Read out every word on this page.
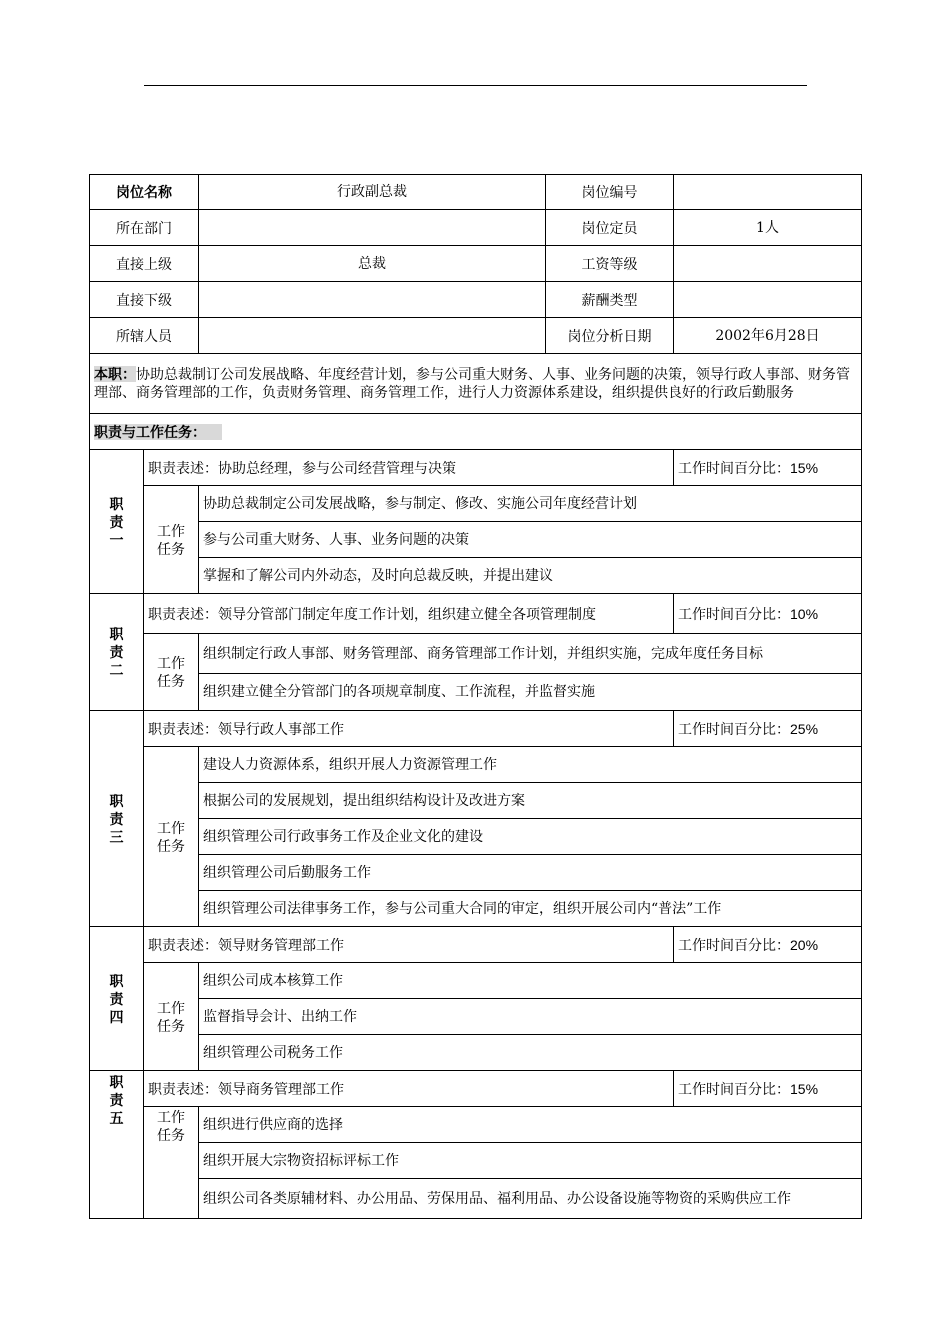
岗位名称		行政副总裁	岗位编号	
所在部门			岗位定员	1人
直接上级		总裁	工资等级	
直接下级			薪酬类型	
所辖人员			岗位分析日期	2002年6月28日
本职：协助总裁制订公司发展战略、年度经营计划，参与公司重大财务、人事、业务问题的决策，领导行政人事部、财务管理部、商务管理部的工作，负责财务管理、商务管理工作，进行人力资源体系建设，组织提供良好的行政后勤服务				
职责与工作任务：				

职
责
一	职责表述：协助总经理，参与公司经营管理与决策			工作时间百分比：15%

	工作
任务	协助总裁制定公司发展战略，参与制定、修改、实施公司年度经营计划		
		参与公司重大财务、人事、业务问题的决策		
		掌握和了解公司内外动态，及时向总裁反映，并提出建议		

职
责
二	职责表述：领导分管部门制定年度工作计划，组织建立健全各项管理制度			工作时间百分比：10%

	工作
任务	组织制定行政人事部、财务管理部、商务管理部工作计划，并组织实施，完成年度任务目标		
		组织建立健全分管部门的各项规章制度、工作流程，并监督实施		

职
责
三	职责表述：领导行政人事部工作			工作时间百分比：25%

	工作
任务	建设人力资源体系，组织开展人力资源管理工作		
		根据公司的发展规划，提出组织结构设计及改进方案		
		组织管理公司行政事务工作及企业文化的建设		
		组织管理公司后勤服务工作		
		组织管理公司法律事务工作，参与公司重大合同的审定，组织开展公司内“普法”工作		

职
责
四	职责表述：领导财务管理部工作			工作时间百分比：20%

	工作
任务	组织公司成本核算工作		
		监督指导会计、出纳工作		
		组织管理公司税务工作		

职
责
五	职责表述：领导商务管理部工作			工作时间百分比：15%

	工作
任务	组织进行供应商的选择		
		组织开展大宗物资招标评标工作		
		组织公司各类原辅材料、办公用品、劳保用品、福利用品、办公设备设施等物资的采购供应工作		
